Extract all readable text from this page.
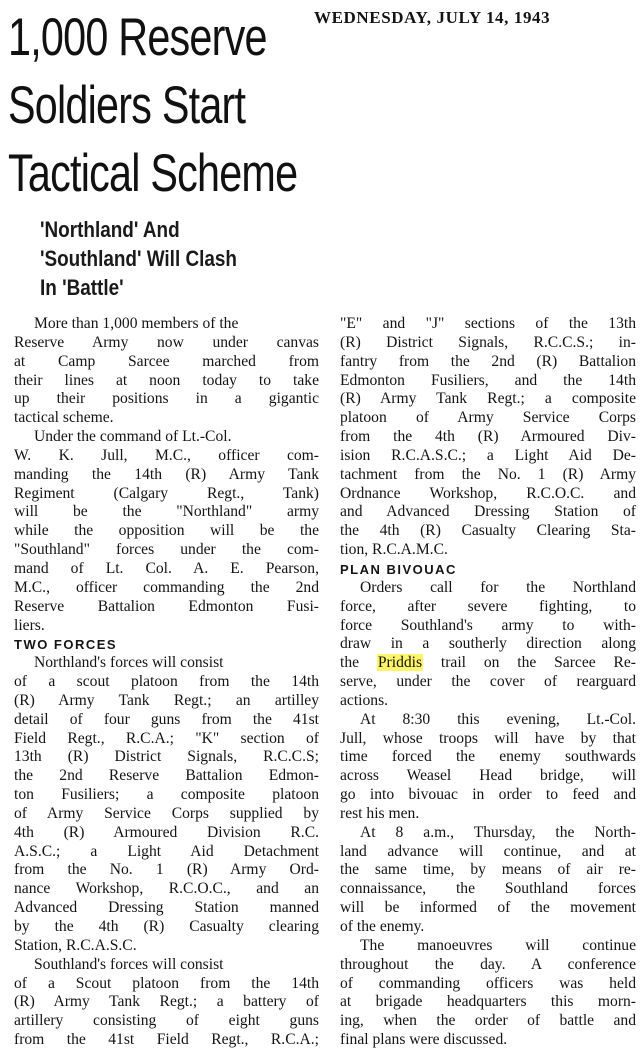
1,000 Reserve
Soldiers Start
Tactical Scheme
WEDNESDAY, JULY 14, 1943
'Northland' And
'Southland' Will Clash
In 'Battle'
More than 1,000 members of the
Reserve Army now under canvas
at Camp Sarcee marched from
their lines at noon today to take
up their positions in a gigantic
tactical scheme.
Under the command of Lt.-Col.
W. K. Jull, M.C., officer com-
manding the 14th (R) Army Tank
Regiment (Calgary Regt., Tank)
will be the "Northland" army
while the opposition will be the
"Southland" forces under the com-
mand of Lt. Col. A. E. Pearson,
M.C., officer commanding the 2nd
Reserve Battalion Edmonton Fusi-
liers.
TWO FORCES
Northland's forces will consist
of a scout platoon from the 14th
(R) Army Tank Regt.; an artilley
detail of four guns from the 41st
Field Regt., R.C.A.; "K" section of
13th (R) District Signals, R.C.C.S;
the 2nd Reserve Battalion Edmon-
ton Fusiliers; a composite platoon
of Army Service Corps supplied by
4th (R) Armoured Division R.C.
A.S.C.; a Light Aid Detachment
from the No. 1 (R) Army Ord-
nance Workshop, R.C.O.C., and an
Advanced Dressing Station manned
by the 4th (R) Casualty clearing
Station, R.C.A.S.C.
Southland's forces will consist
of a Scout platoon from the 14th
(R) Army Tank Regt.; a battery of
artillery consisting of eight guns
from the 41st Field Regt., R.C.A.;
"E" and "J" sections of the 13th
(R) District Signals, R.C.C.S.; in-
fantry from the 2nd (R) Battalion
Edmonton Fusiliers, and the 14th
(R) Army Tank Regt.; a composite
platoon of Army Service Corps
from the 4th (R) Armoured Div-
ision R.C.A.S.C.; a Light Aid De-
tachment from the No. 1 (R) Army
Ordnance Workshop, R.C.O.C. and
and Advanced Dressing Station of
the 4th (R) Casualty Clearing Sta-
tion, R.C.A.M.C.
PLAN BIVOUAC
Orders call for the Northland
force, after severe fighting, to
force Southland's army to with-
draw in a southerly direction along
the Priddis trail on the Sarcee Re-
serve, under the cover of rearguard
actions.
At 8:30 this evening, Lt.-Col.
Jull, whose troops will have by that
time forced the enemy southwards
across Weasel Head bridge, will
go into bivouac in order to feed and
rest his men.
At 8 a.m., Thursday, the North-
land advance will continue, and at
the same time, by means of air re-
connaissance, the Southland forces
will be informed of the movement
of the enemy.
The manoeuvres will continue
throughout the day. A conference
of commanding officers was held
at brigade headquarters this morn-
ing, when the order of battle and
final plans were discussed.
